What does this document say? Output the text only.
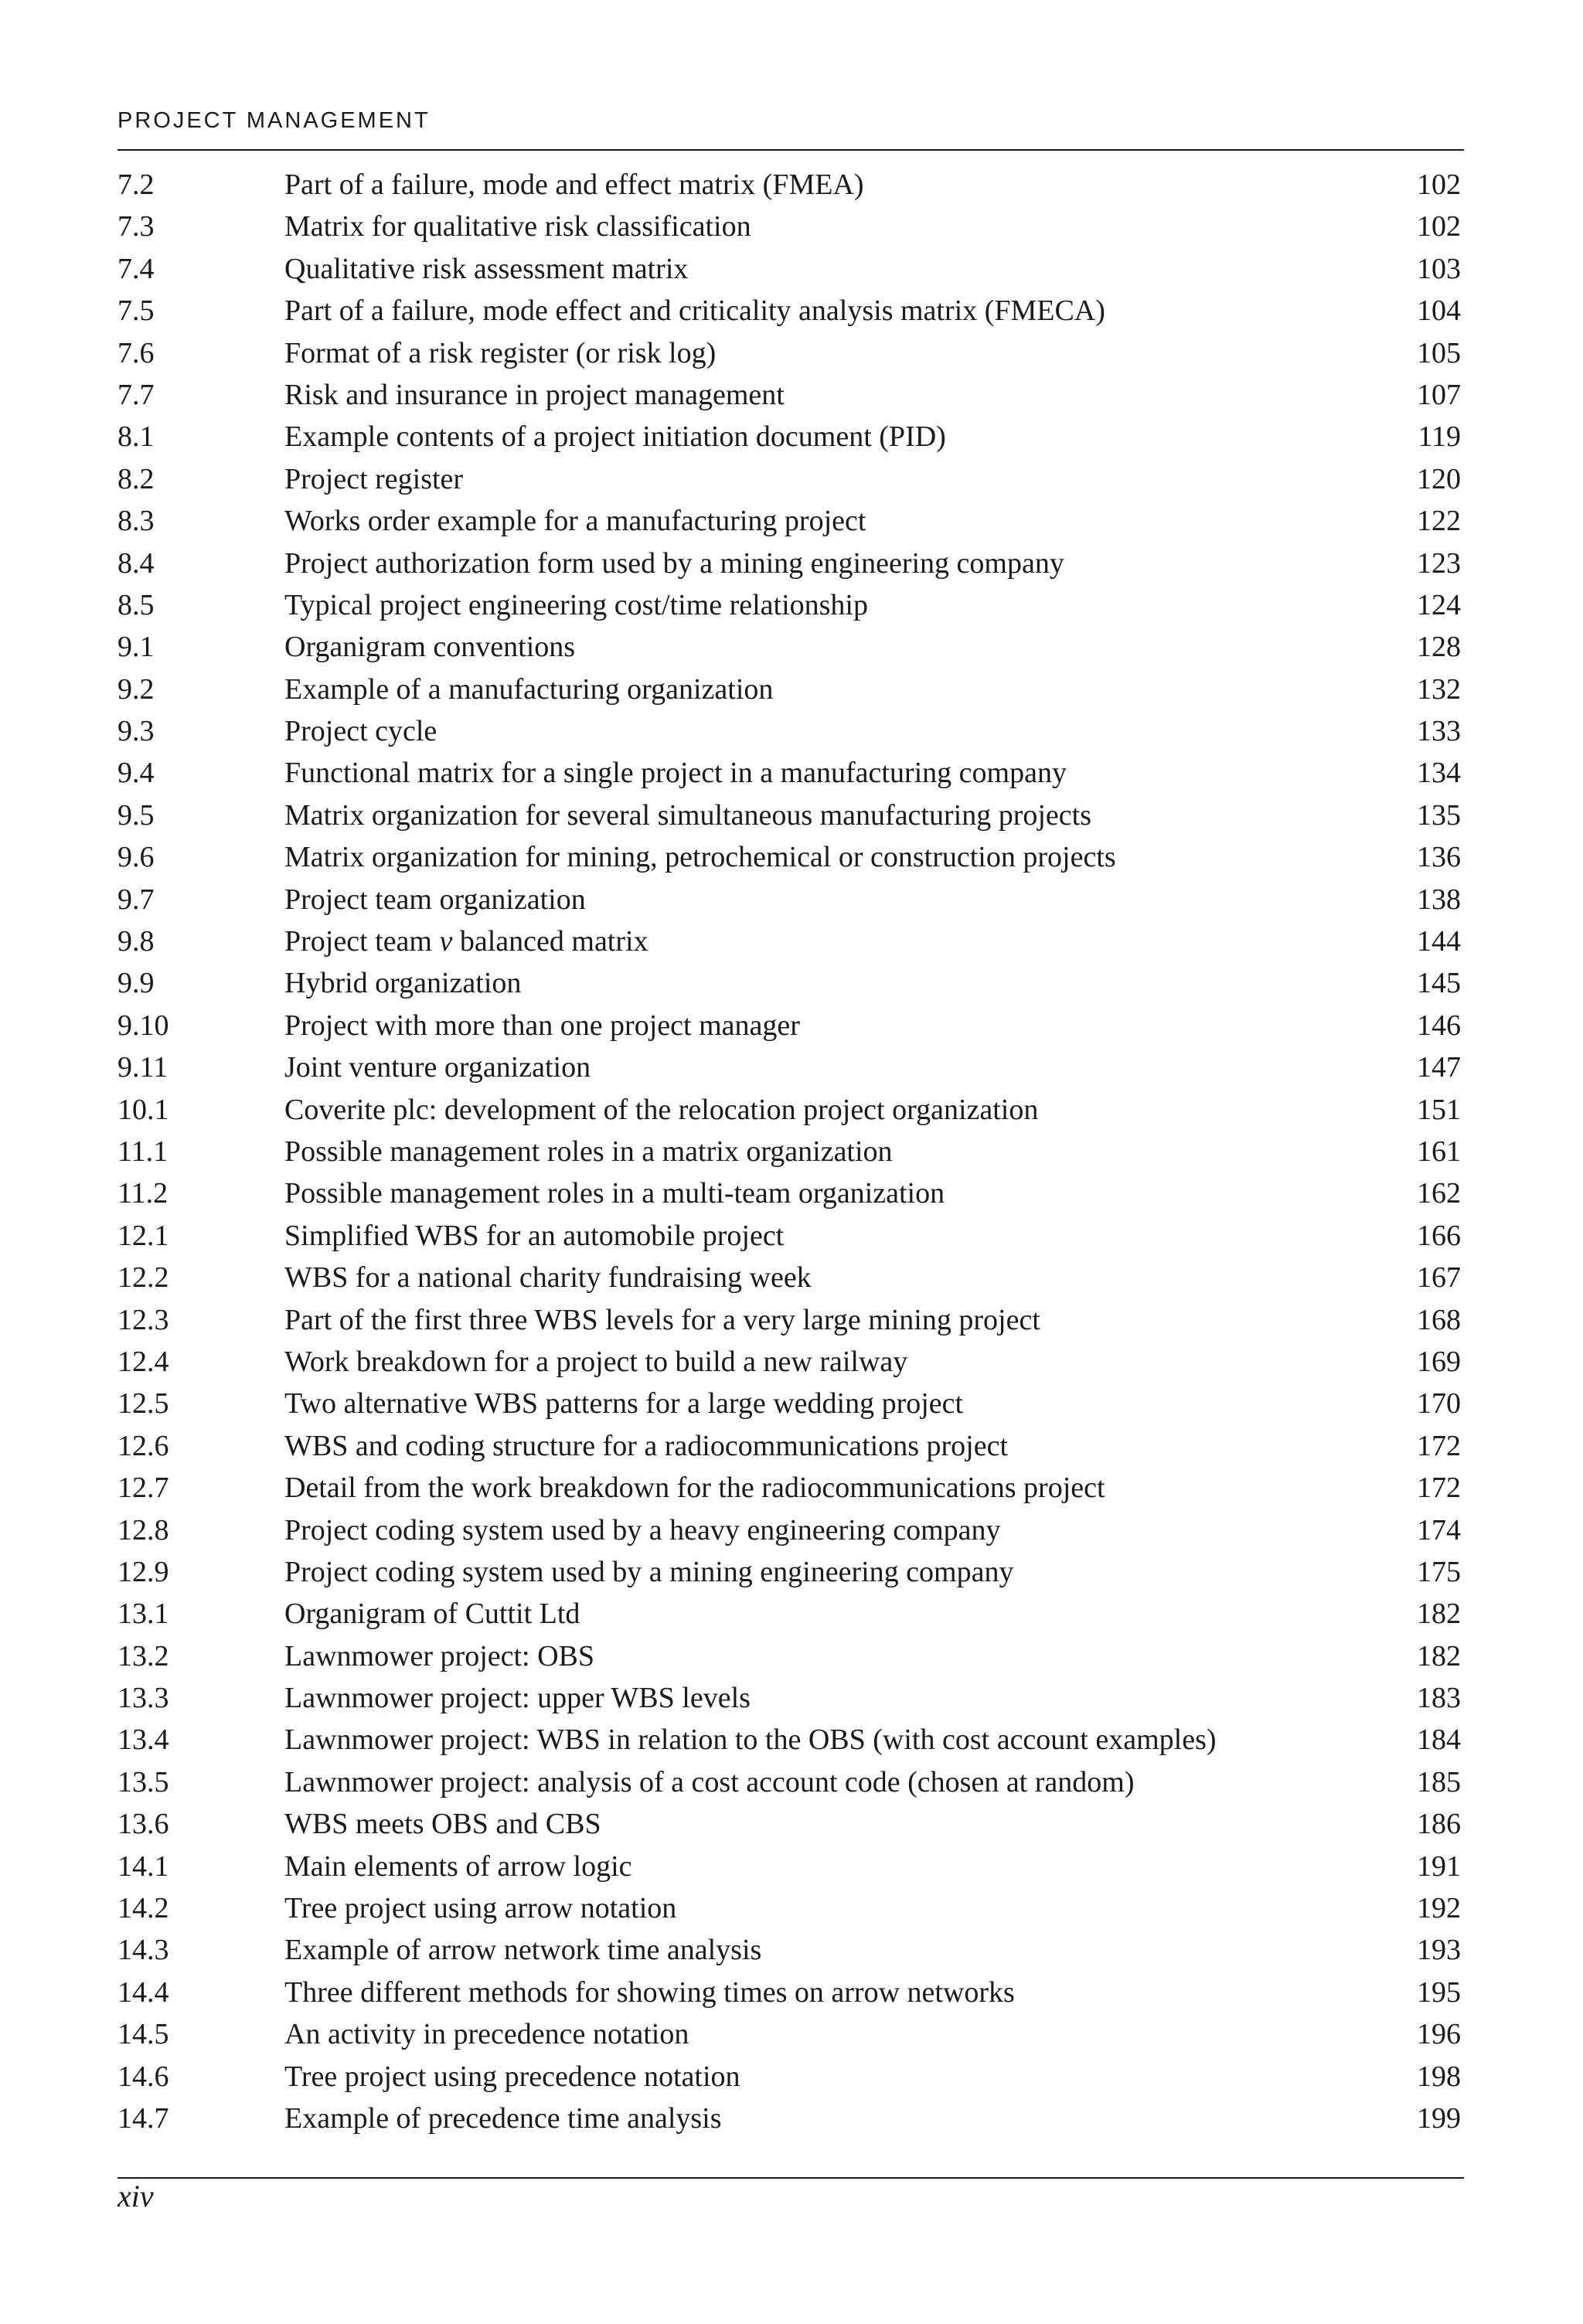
PROJECT MANAGEMENT
7.2	Part of a failure, mode and effect matrix (FMEA)	102
7.3	Matrix for qualitative risk classification	102
7.4	Qualitative risk assessment matrix	103
7.5	Part of a failure, mode effect and criticality analysis matrix (FMECA)	104
7.6	Format of a risk register (or risk log)	105
7.7	Risk and insurance in project management	107
8.1	Example contents of a project initiation document (PID)	119
8.2	Project register	120
8.3	Works order example for a manufacturing project	122
8.4	Project authorization form used by a mining engineering company	123
8.5	Typical project engineering cost/time relationship	124
9.1	Organigram conventions	128
9.2	Example of a manufacturing organization	132
9.3	Project cycle	133
9.4	Functional matrix for a single project in a manufacturing company	134
9.5	Matrix organization for several simultaneous manufacturing projects	135
9.6	Matrix organization for mining, petrochemical or construction projects	136
9.7	Project team organization	138
9.8	Project team v balanced matrix	144
9.9	Hybrid organization	145
9.10	Project with more than one project manager	146
9.11	Joint venture organization	147
10.1	Coverite plc: development of the relocation project organization	151
11.1	Possible management roles in a matrix organization	161
11.2	Possible management roles in a multi-team organization	162
12.1	Simplified WBS for an automobile project	166
12.2	WBS for a national charity fundraising week	167
12.3	Part of the first three WBS levels for a very large mining project	168
12.4	Work breakdown for a project to build a new railway	169
12.5	Two alternative WBS patterns for a large wedding project	170
12.6	WBS and coding structure for a radiocommunications project	172
12.7	Detail from the work breakdown for the radiocommunications project	172
12.8	Project coding system used by a heavy engineering company	174
12.9	Project coding system used by a mining engineering company	175
13.1	Organigram of Cuttit Ltd	182
13.2	Lawnmower project: OBS	182
13.3	Lawnmower project: upper WBS levels	183
13.4	Lawnmower project: WBS in relation to the OBS (with cost account examples)	184
13.5	Lawnmower project: analysis of a cost account code (chosen at random)	185
13.6	WBS meets OBS and CBS	186
14.1	Main elements of arrow logic	191
14.2	Tree project using arrow notation	192
14.3	Example of arrow network time analysis	193
14.4	Three different methods for showing times on arrow networks	195
14.5	An activity in precedence notation	196
14.6	Tree project using precedence notation	198
14.7	Example of precedence time analysis	199
xiv
